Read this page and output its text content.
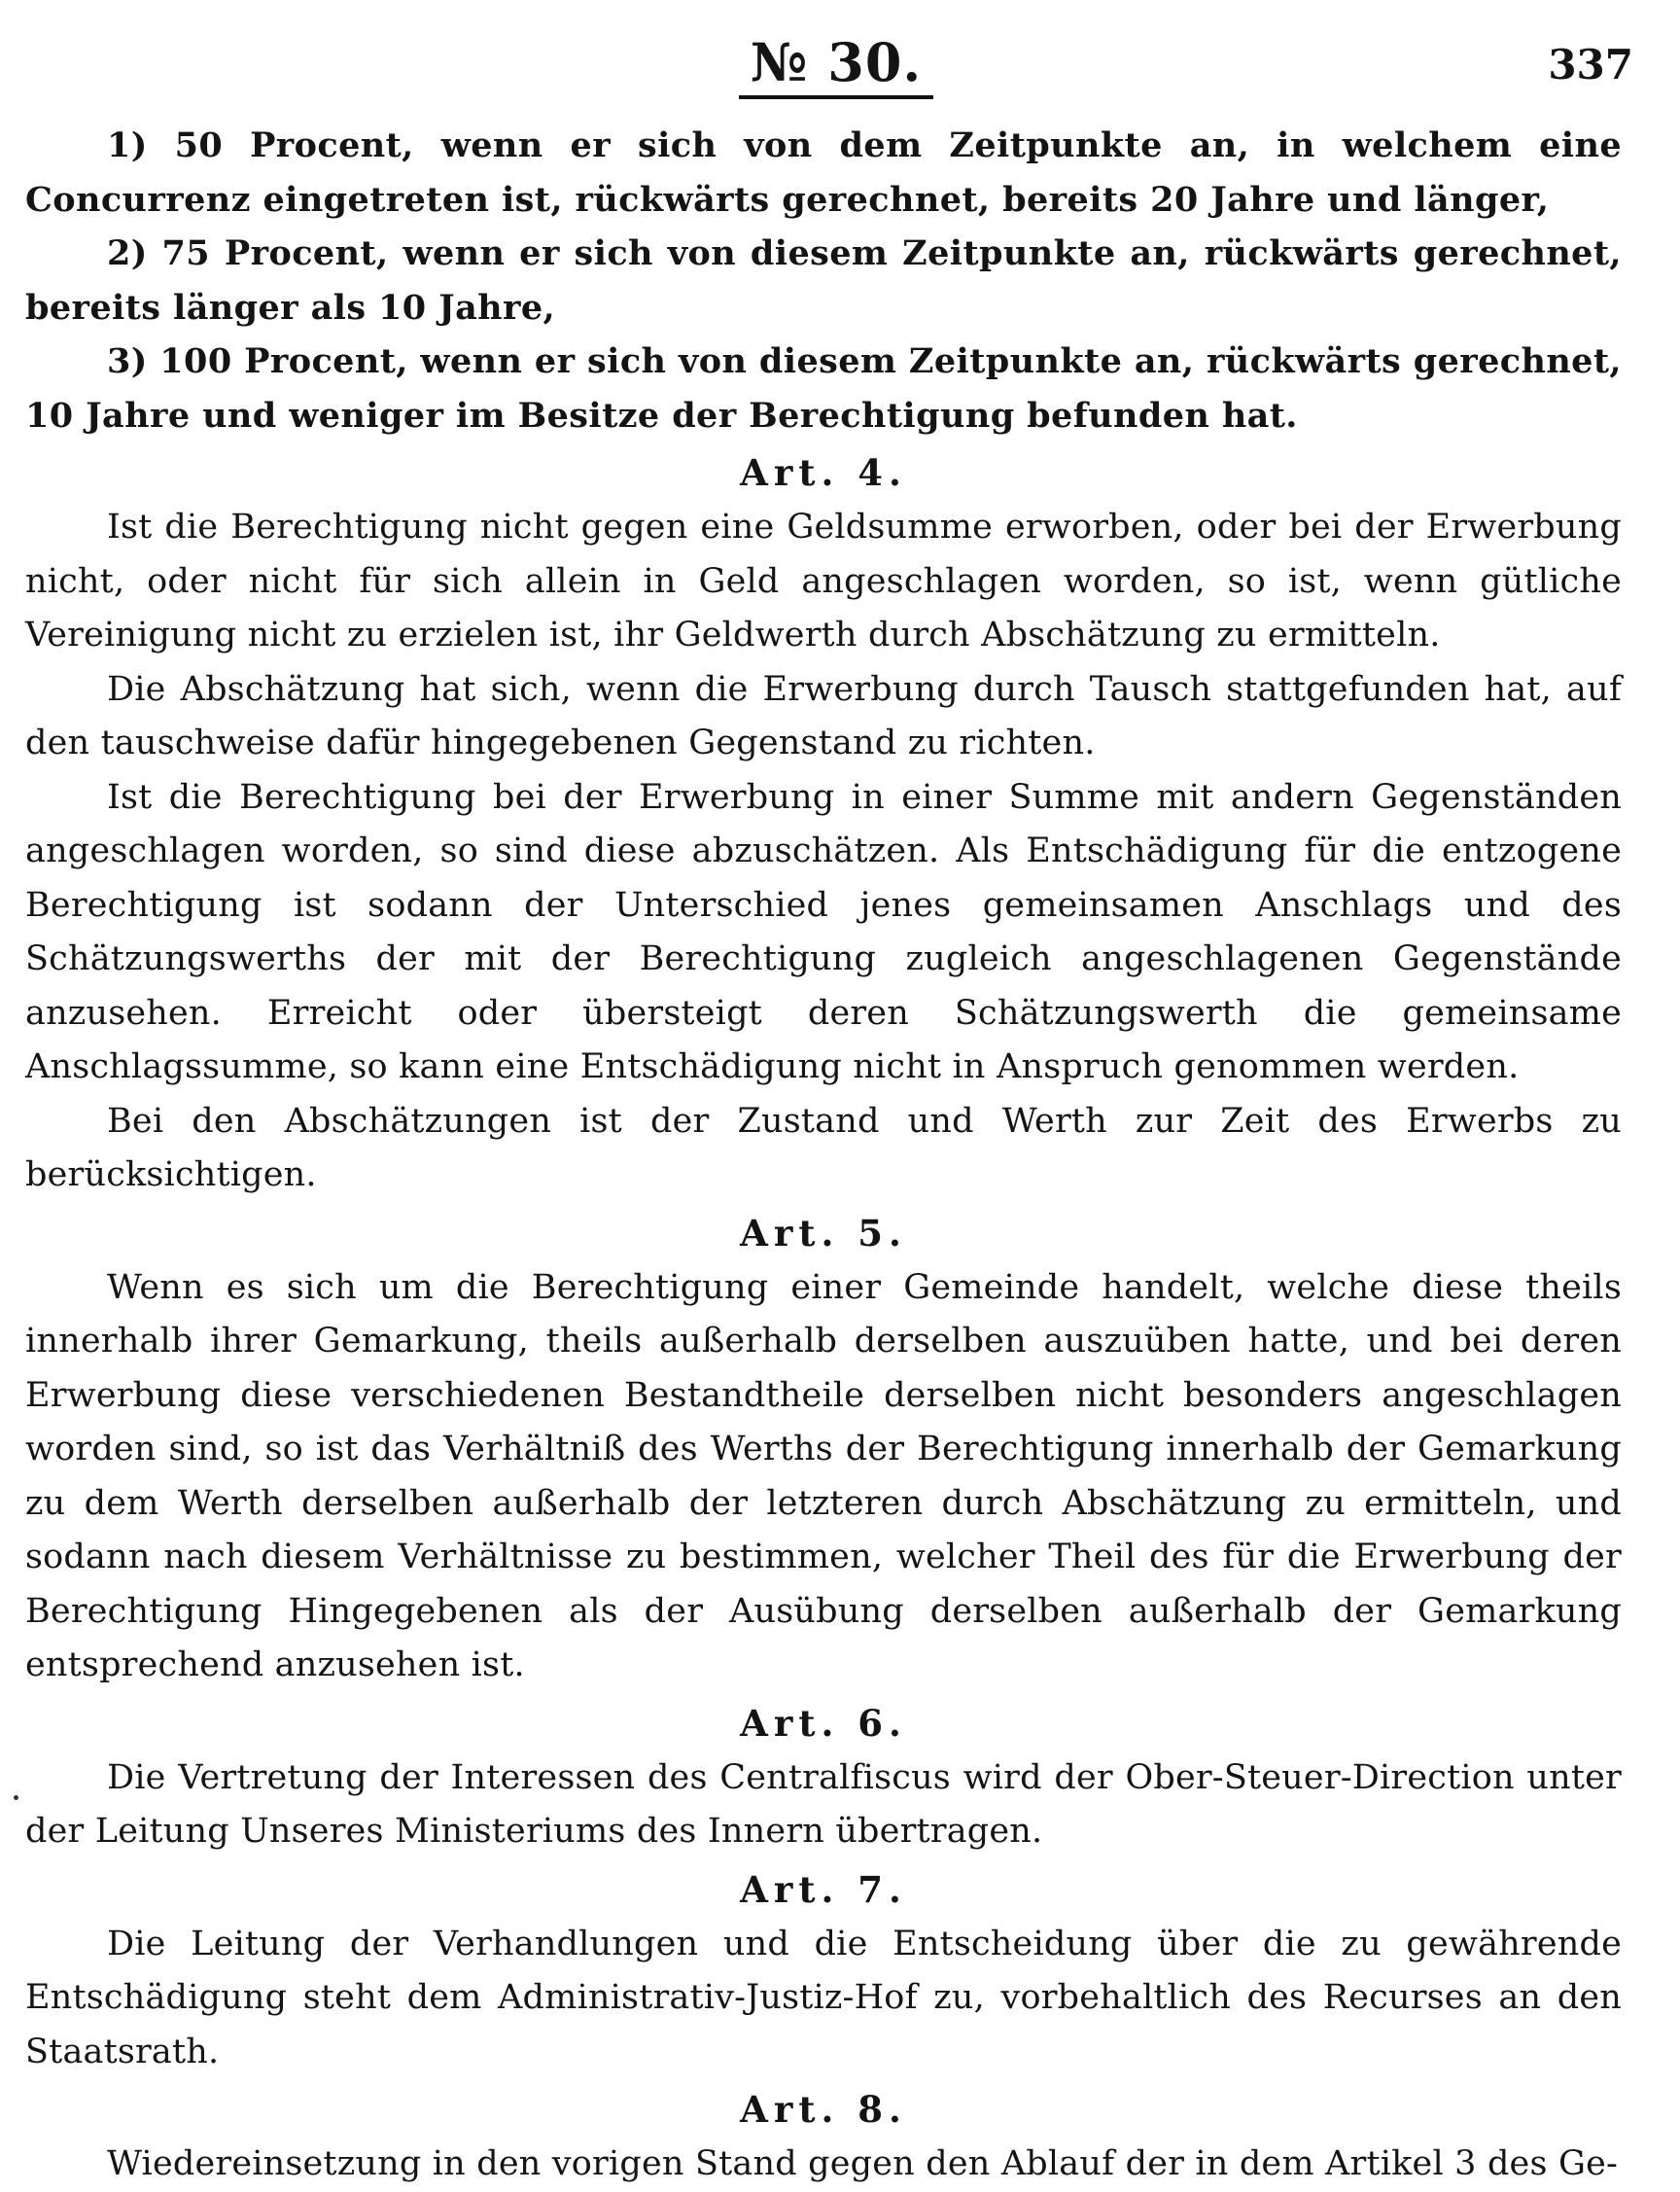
№ 30.	337

1) 50 Procent, wenn er sich von dem Zeitpunkte an, in welchem eine Concurrenz eingetreten ist, rückwärts gerechnet, bereits 20 Jahre und länger,

2) 75 Procent, wenn er sich von diesem Zeitpunkte an, rückwärts gerechnet, bereits länger als 10 Jahre,

3) 100 Procent, wenn er sich von diesem Zeitpunkte an, rückwärts gerechnet, 10 Jahre und weniger im Besitze der Berechtigung befunden hat.

Art. 4.

Ist die Berechtigung nicht gegen eine Geldsumme erworben, oder bei der Erwerbung nicht, oder nicht für sich allein in Geld angeschlagen worden, so ist, wenn gütliche Vereinigung nicht zu erzielen ist, ihr Geldwerth durch Abschätzung zu ermitteln.

Die Abschätzung hat sich, wenn die Erwerbung durch Tausch stattgefunden hat, auf den tauschweise dafür hingegebenen Gegenstand zu richten.

Ist die Berechtigung bei der Erwerbung in einer Summe mit andern Gegenständen angeschlagen worden, so sind diese abzuschätzen. Als Entschädigung für die entzogene Berechtigung ist sodann der Unterschied jenes gemeinsamen Anschlags und des Schätzungswerths der mit der Berechtigung zugleich angeschlagenen Gegenstände anzusehen. Erreicht oder übersteigt deren Schätzungswerth die gemeinsame Anschlagssumme, so kann eine Entschädigung nicht in Anspruch genommen werden.

Bei den Abschätzungen ist der Zustand und Werth zur Zeit des Erwerbs zu berücksichtigen.

Art. 5.

Wenn es sich um die Berechtigung einer Gemeinde handelt, welche diese theils innerhalb ihrer Gemarkung, theils außerhalb derselben auszuüben hatte, und bei deren Erwerbung diese verschiedenen Bestandtheile derselben nicht besonders angeschlagen worden sind, so ist das Verhältniß des Werths der Berechtigung innerhalb der Gemarkung zu dem Werth derselben außerhalb der letzteren durch Abschätzung zu ermitteln, und sodann nach diesem Verhältnisse zu bestimmen, welcher Theil des für die Erwerbung der Berechtigung Hingegebenen als der Ausübung derselben außerhalb der Gemarkung entsprechend anzusehen ist.

Art. 6.

Die Vertretung der Interessen des Centralfiscus wird der Ober-Steuer-Direction unter der Leitung Unseres Ministeriums des Innern übertragen.

Art. 7.

Die Leitung der Verhandlungen und die Entscheidung über die zu gewährende Entschädigung steht dem Administrativ-Justiz-Hof zu, vorbehaltlich des Recurses an den Staatsrath.

Art. 8.

Wiedereinsetzung in den vorigen Stand gegen den Ablauf der in dem Artikel 3 des Ge-
